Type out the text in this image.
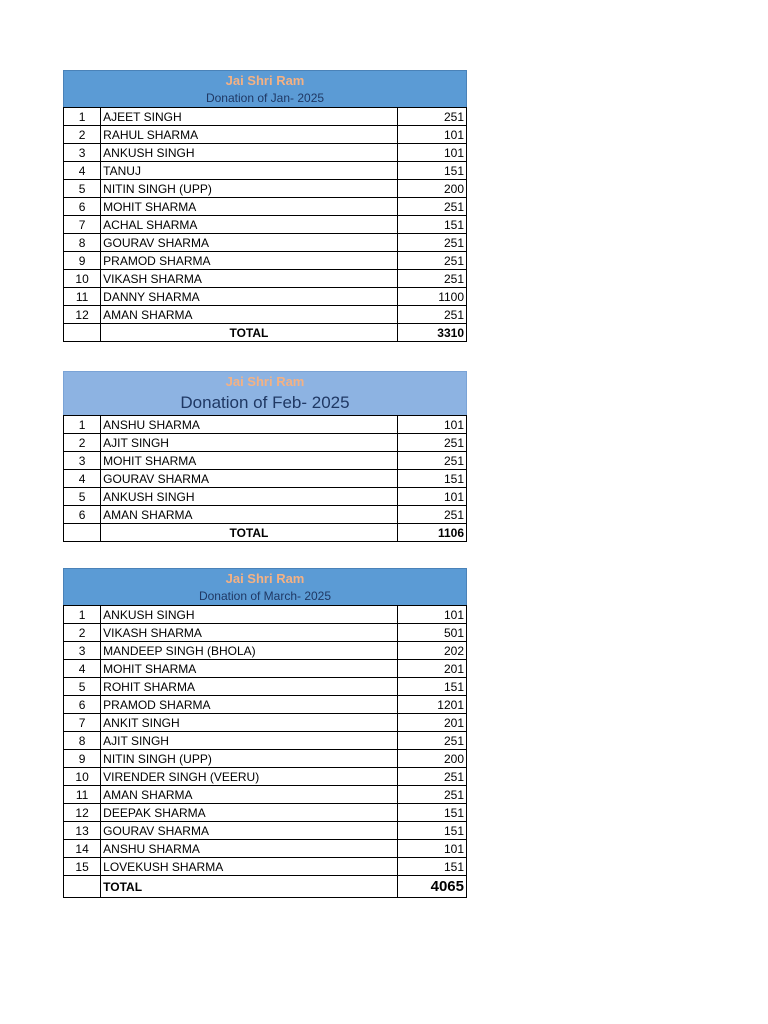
Jai Shri Ram
Donation of Jan- 2025
1	AJEET SINGH	251
2	RAHUL SHARMA	101
3	ANKUSH SINGH	101
4	TANUJ	151
5	NITIN SINGH (UPP)	200
6	MOHIT SHARMA	251
7	ACHAL SHARMA	151
8	GOURAV SHARMA	251
9	PRAMOD SHARMA	251
10	VIKASH SHARMA	251
11	DANNY SHARMA	1100
12	AMAN SHARMA	251
	TOTAL	3310
Jai Shri Ram
Donation of Feb- 2025
1	ANSHU SHARMA	101
2	AJIT SINGH	251
3	MOHIT SHARMA	251
4	GOURAV SHARMA	151
5	ANKUSH SINGH	101
6	AMAN SHARMA	251
	TOTAL	1106
Jai Shri Ram
Donation of March- 2025
1	ANKUSH SINGH	101
2	VIKASH SHARMA	501
3	MANDEEP SINGH (BHOLA)	202
4	MOHIT SHARMA	201
5	ROHIT SHARMA	151
6	PRAMOD SHARMA	1201
7	ANKIT SINGH	201
8	AJIT SINGH	251
9	NITIN SINGH (UPP)	200
10	VIRENDER SINGH (VEERU)	251
11	AMAN SHARMA	251
12	DEEPAK SHARMA	151
13	GOURAV SHARMA	151
14	ANSHU SHARMA	101
15	LOVEKUSH SHARMA	151
	TOTAL	4065
